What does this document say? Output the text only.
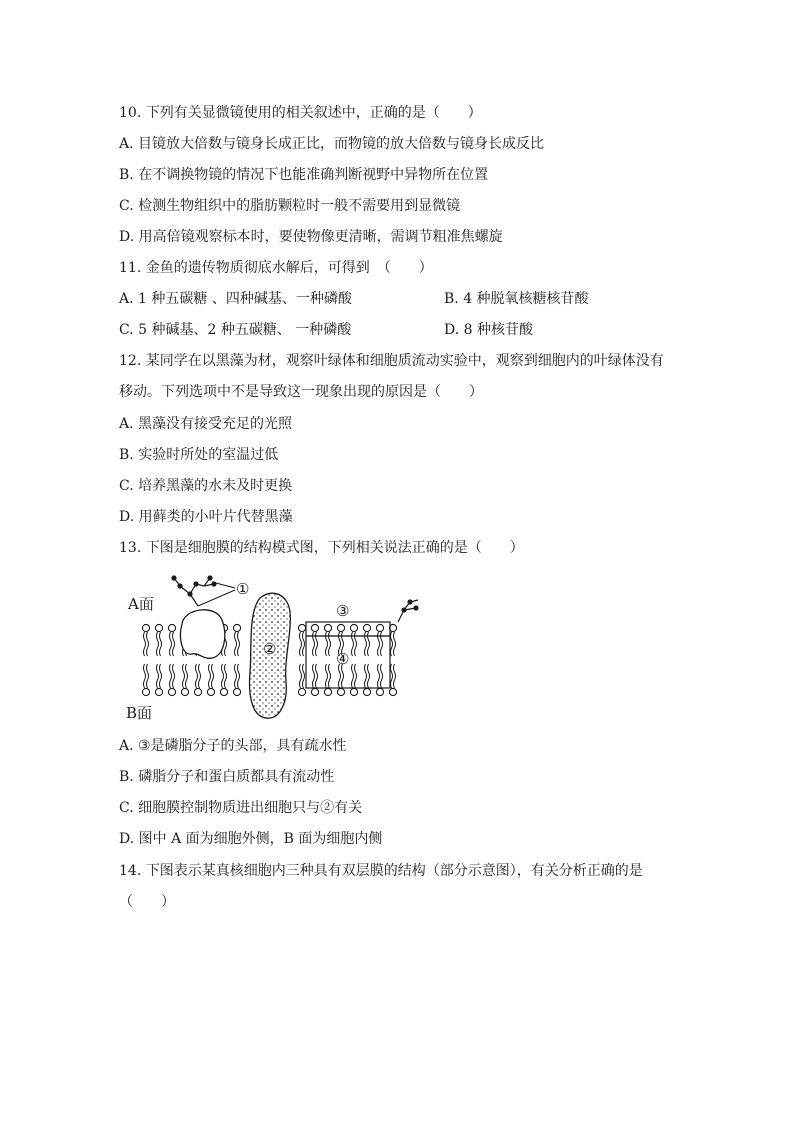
10. 下列有关显微镜使用的相关叙述中，正确的是（　　）
A. 目镜放大倍数与镜身长成正比，而物镜的放大倍数与镜身长成反比
B. 在不调换物镜的情况下也能准确判断视野中异物所在位置
C. 检测生物组织中的脂肪颗粒时一般不需要用到显微镜
D. 用高倍镜观察标本时，要使物像更清晰，需调节粗准焦螺旋
11. 金鱼的遗传物质彻底水解后，可得到　（　　）
A. 1 种五碳糖 、四种碱基、一种磷酸	B. 4 种脱氧核糖核苷酸
C. 5 种碱基、2 种五碳糖、 一种磷酸	D. 8 种核苷酸
12. 某同学在以黑藻为材，观察叶绿体和细胞质流动实验中，观察到细胞内的叶绿体没有
移动。下列选项中不是导致这一现象出现的原因是（　　）
A. 黑藻没有接受充足的光照
B. 实验时所处的室温过低
C. 培养黑藻的水未及时更换
D. 用藓类的小叶片代替黑藻
13. 下图是细胞膜的结构模式图，下列相关说法正确的是（　　）
A面
B面
①
②
③
④
A. ③是磷脂分子的头部，具有疏水性
B. 磷脂分子和蛋白质都具有流动性
C. 细胞膜控制物质进出细胞只与②有关
D. 图中 A 面为细胞外侧，B 面为细胞内侧
14. 下图表示某真核细胞内三种具有双层膜的结构（部分示意图），有关分析正确的是
（　　）
